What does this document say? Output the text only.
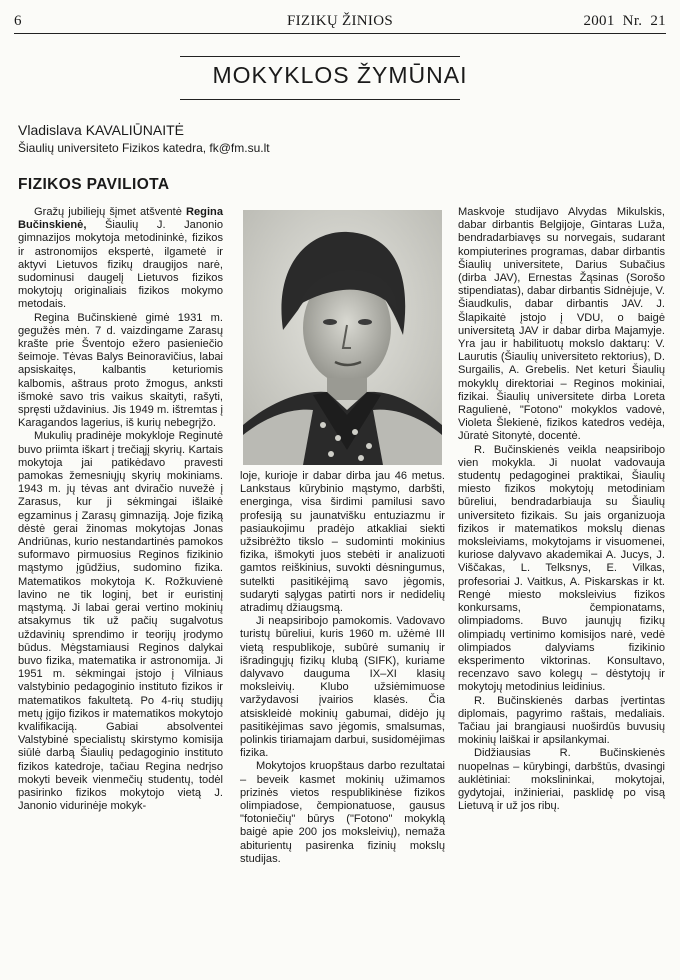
6	FIZIKŲ ŽINIOS	2001 Nr. 21
MOKYKLOS ŽYMŪNAI
Vladislava KAVALIŪNAITĖ
Šiaulių universiteto Fizikos katedra, fk@fm.su.lt
FIZIKOS PAVILIOTA

Gražų jubiliejų šįmet atšventė Regina Bučinskienė, Šiaulių J. Janonio gimnazijos mokytoja metodininkė, fizikos ir astronomijos ekspertė, ilgametė ir aktyvi Lietuvos fizikų draugijos narė, sudominusi daugelį Lietuvos fizikos mokytojų originaliais fizikos mokymo metodais.

Regina Bučinskienė gimė 1931 m. gegužės mėn. 7 d. vaizdingame Zarasų krašte prie Šventojo ežero pasieniečio šeimoje. Tėvas Balys Beinoravičius, labai apsiskaitęs, kalbantis keturiomis kalbomis, aštraus proto žmogus, anksti išmokė savo tris vaikus skaityti, rašyti, spręsti uždavinius. Jis 1949 m. ištremtas į Karagandos lagerius, iš kurių nebegrįžo.

Mukulių pradinėje mokykloje Reginutė buvo priimta iškart į trečiąjį skyrių. Kartais mokytoja jai patikėdavo pravesti pamokas žemesniųjų skyrių mokiniams. 1943 m. jų tėvas ant dviračio nuvežė į Zarasus, kur ji sėkmingai išlaikė egzaminus į Zarasų gimnaziją. Joje fiziką dėstė gerai žinomas mokytojas Jonas Andriūnas, kurio nestandartinės pamokos suformavo pirmuosius Reginos fizikinio mąstymo įgūdžius, sudomino fizika. Matematikos mokytoja K. Rožkuvienė lavino ne tik loginį, bet ir euristinį mąstymą. Ji labai gerai vertino mokinių atsakymus tik už pačių sugalvotus uždavinių sprendimo ir teorijų įrodymo būdus. Mėgstamiausi Reginos dalykai buvo fizika, matematika ir astronomija. Ji 1951 m. sėkmingai įstojo į Vilniaus valstybinio pedagoginio instituto fizikos ir matematikos fakultetą. Po 4-rių studijų metų įgijo fizikos ir matematikos mokytojo kvalifikaciją. Gabiai absolventei Valstybinė specialistų skirstymo komisija siūlė darbą Šiaulių pedagoginio instituto fizikos katedroje, tačiau Regina nedrįso mokyti beveik vienmečių studentų, todėl pasirinko fizikos mokytojo vietą J. Janonio vidurinėje mokyk-

loje, kurioje ir dabar dirba jau 46 metus. Lankstaus kūrybinio mąstymo, darbšti, energinga, visa širdimi pamilusi savo profesiją su jaunatvišku entuziazmu ir pasiaukojimu pradėjo atkakliai siekti užsibrėžto tikslo – sudominti mokinius fizika, išmokyti juos stebėti ir analizuoti gamtos reiškinius, suvokti dėsningumus, sutelkti pasitikėjimą savo jėgomis, sudaryti sąlygas patirti nors ir nedidelių atradimų džiaugsmą.

Ji neapsiribojo pamokomis. Vadovavo turistų būreliui, kuris 1960 m. užėmė III vietą respublikoje, subūrė sumanių ir išradingųjų fizikų klubą (SIFK), kuriame dalyvavo dauguma IX–XI klasių moksleivių. Klubo užsiėmimuose varžydavosi įvairios klasės. Čia atsiskleidė mokinių gabumai, didėjo jų pasitikėjimas savo jėgomis, smalsumas, polinkis tiriamajam darbui, susidomėjimas fizika.

Mokytojos kruopštaus darbo rezultatai – beveik kasmet mokinių užimamos prizinės vietos respublikinėse fizikos olimpiadose, čempionatuose, gausus "fotoniečių" būrys ("Fotono" mokyklą baigė apie 200 jos moksleivių), nemaža abiturientų pasirenka fizinių mokslų studijas.

Maskvoje studijavo Alvydas Mikulskis, dabar dirbantis Belgijoje, Gintaras Luža, bendradarbiavęs su norvegais, sudarant kompiuterines programas, dabar dirbantis Šiaulių universitete, Darius Subačius (dirba JAV), Ernestas Žąsinas (Sorošo stipendiatas), dabar dirbantis Sidnėjuje, V. Šiaudkulis, dabar dirbantis JAV. J. Šlapikaitė įstojo į VDU, o baigė universitetą JAV ir dabar dirba Majamyje. Yra jau ir habilituotų mokslo daktarų: V. Laurutis (Šiaulių universiteto rektorius), D. Surgailis, A. Grebelis. Net keturi Šiaulių mokyklų direktoriai – Reginos mokiniai, fizikai. Šiaulių universitete dirba Loreta Ragulienė, "Fotono" mokyklos vadovė, Violeta Šlekienė, fizikos katedros vedėja, Jūratė Sitonytė, docentė.

R. Bučinskienės veikla neapsiribojo vien mokykla. Ji nuolat vadovauja studentų pedagoginei praktikai, Šiaulių miesto fizikos mokytojų metodiniam būreliui, bendradarbiauja su Šiaulių universiteto fizikais. Su jais organizuoja fizikos ir matematikos mokslų dienas moksleiviams, mokytojams ir visuomenei, kuriose dalyvavo akademikai A. Jucys, J. Viščakas, L. Telksnys, E. Vilkas, profesoriai J. Vaitkus, A. Piskarskas ir kt. Rengė miesto moksleivius fizikos konkursams, čempionatams, olimpiadoms. Buvo jaunųjų fizikų olimpiadų vertinimo komisijos narė, vedė olimpiados dalyviams fizikinio eksperimento viktorinas. Konsultavo, recenzavo savo kolegų – dėstytojų ir mokytojų metodinius leidinius.

R. Bučinskienės darbas įvertintas diplomais, pagyrimo raštais, medaliais. Tačiau jai brangiausi nuoširdūs buvusių mokinių laiškai ir apsilankymai.

Didžiausias R. Bučinskienės nuopelnas – kūrybingi, darbštūs, dvasingi auklėtiniai: mokslininkai, mokytojai, gydytojai, inžinieriai, pasklidę po visą Lietuvą ir už jos ribų.
